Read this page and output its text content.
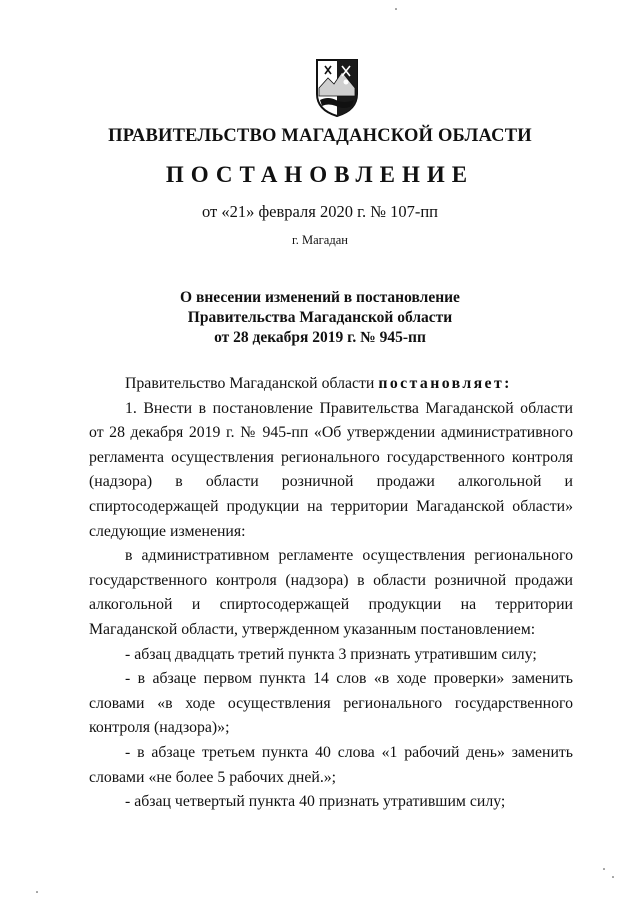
ПРАВИТЕЛЬСТВО МАГАДАНСКОЙ ОБЛАСТИ
ПОСТАНОВЛЕНИЕ
от «21» февраля 2020 г. № 107-пп
г. Магадан
О внесении изменений в постановление
Правительства Магаданской области
от 28 декабря 2019 г. № 945-пп

Правительство Магаданской области постановляет:

1. Внести в постановление Правительства Магаданской области от 28 декабря 2019 г. № 945-пп «Об утверждении административного регламента осуществления регионального государственного контроля (надзора) в области розничной продажи алкогольной и спиртосодержащей продукции на территории Магаданской области» следующие изменения:

в административном регламенте осуществления регионального государственного контроля (надзора) в области розничной продажи алкогольной и спиртосодержащей продукции на территории Магаданской области, утвержденном указанным постановлением:

- абзац двадцать третий пункта 3 признать утратившим силу;

- в абзаце первом пункта 14 слов «в ходе проверки» заменить словами «в ходе осуществления регионального государственного контроля (надзора)»;

- в абзаце третьем пункта 40 слова «1 рабочий день» заменить словами «не более 5 рабочих дней.»;

- абзац четвертый пункта 40 признать утратившим силу;
